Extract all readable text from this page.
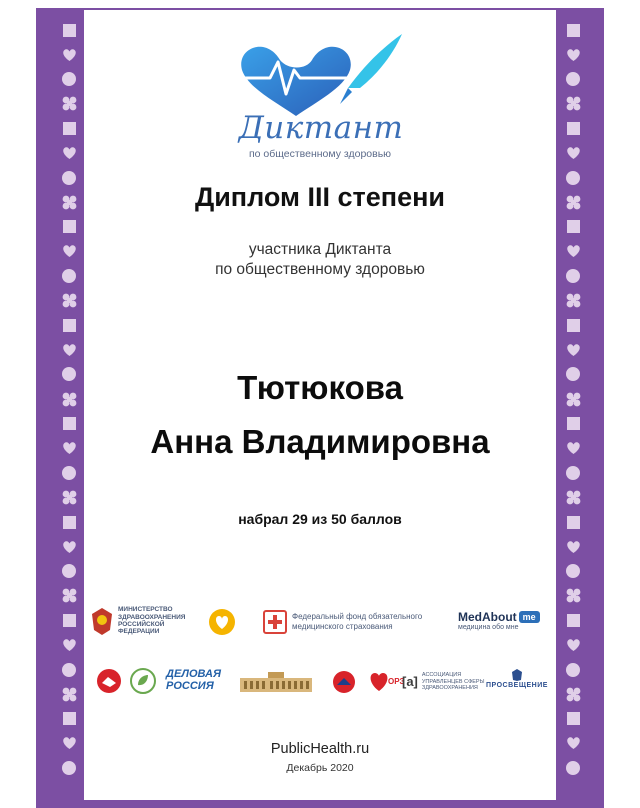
Диктант
по общественному здоровью
Диплом III степени
участника Диктанта
по общественному здоровью
Тютюкова
Анна Владимировна
набрал 29 из 50 баллов
МИНИСТЕРСТВО ЗДРАВООХРАНЕНИЯ РОССИЙСКОЙ ФЕДЕРАЦИИ
Федеральный фонд обязательного
медицинского страхования
MedAbout me
медицина обо мне
ДЕЛОВАЯ
РОССИЯ	ОРЗ
[a] АССОЦИАЦИЯ
УПРАВЛЕНЦЕВ СФЕРЫ
ЗДРАВООХРАНЕНИЯ	ПРОСВЕЩЕНИЕ
PublicHealth.ru
Декабрь 2020
